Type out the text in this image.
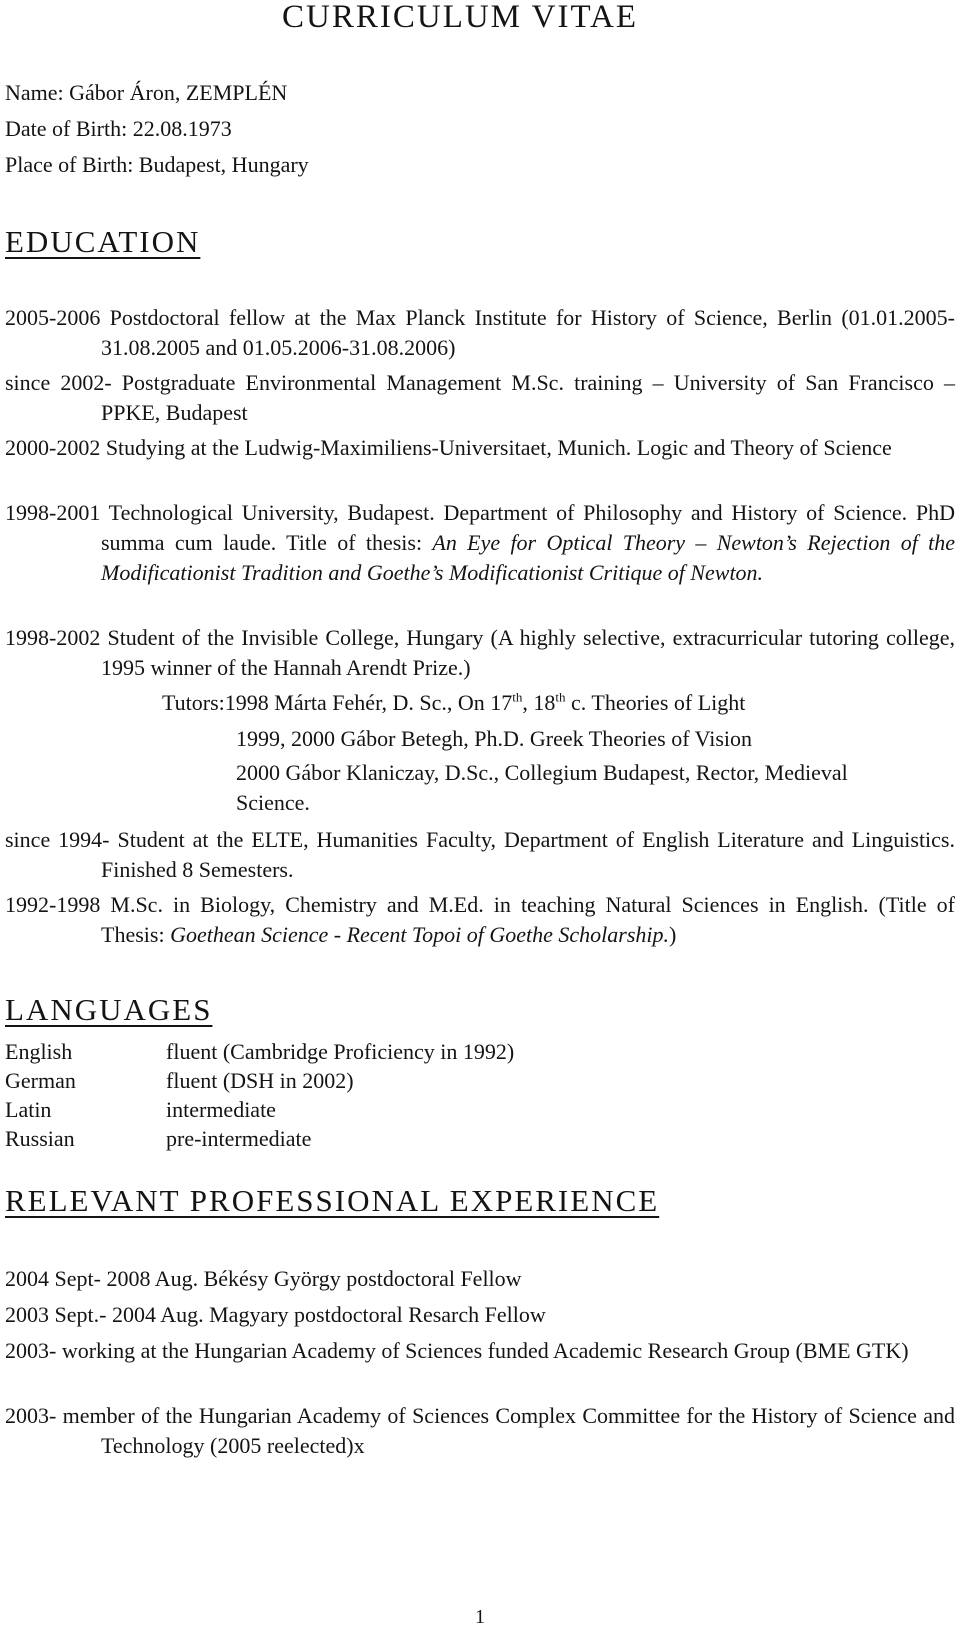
CURRICULUM VITAE
Name: Gábor Áron, ZEMPLÉN
Date of Birth: 22.08.1973
Place of Birth: Budapest, Hungary
EDUCATION
2005-2006 Postdoctoral fellow at the Max Planck Institute for History of Science, Berlin (01.01.2005-31.08.2005 and 01.05.2006-31.08.2006)
since 2002- Postgraduate Environmental Management M.Sc. training – University of San Francisco – PPKE, Budapest
2000-2002 Studying at the Ludwig-Maximiliens-Universitaet, Munich. Logic and Theory of Science
1998-2001 Technological University, Budapest. Department of Philosophy and History of Science. PhD summa cum laude. Title of thesis: An Eye for Optical Theory – Newton’s Rejection of the Modificationist Tradition and Goethe’s Modificationist Critique of Newton.
1998-2002 Student of the Invisible College, Hungary (A highly selective, extracurricular tutoring college, 1995 winner of the Hannah Arendt Prize.)
Tutors:1998 Márta Fehér, D. Sc., On 17th, 18th c. Theories of Light
1999, 2000 Gábor Betegh, Ph.D. Greek Theories of Vision
2000 Gábor Klaniczay, D.Sc., Collegium Budapest, Rector, Medieval Science.
since 1994- Student at the ELTE, Humanities Faculty, Department of English Literature and Linguistics. Finished 8 Semesters.
1992-1998 M.Sc. in Biology, Chemistry and M.Ed. in teaching Natural Sciences in English. (Title of Thesis: Goethean Science - Recent Topoi of Goethe Scholarship.)
LANGUAGES
English	fluent (Cambridge Proficiency in 1992)
German	fluent (DSH in 2002)
Latin	intermediate
Russian	pre-intermediate
RELEVANT PROFESSIONAL EXPERIENCE
2004 Sept- 2008 Aug. Békésy György postdoctoral Fellow
2003 Sept.- 2004 Aug. Magyary postdoctoral Resarch Fellow
2003- working at the Hungarian Academy of Sciences funded Academic Research Group (BME GTK)
2003- member of the Hungarian Academy of Sciences Complex Committee for the History of Science and Technology (2005 reelected)x
1
